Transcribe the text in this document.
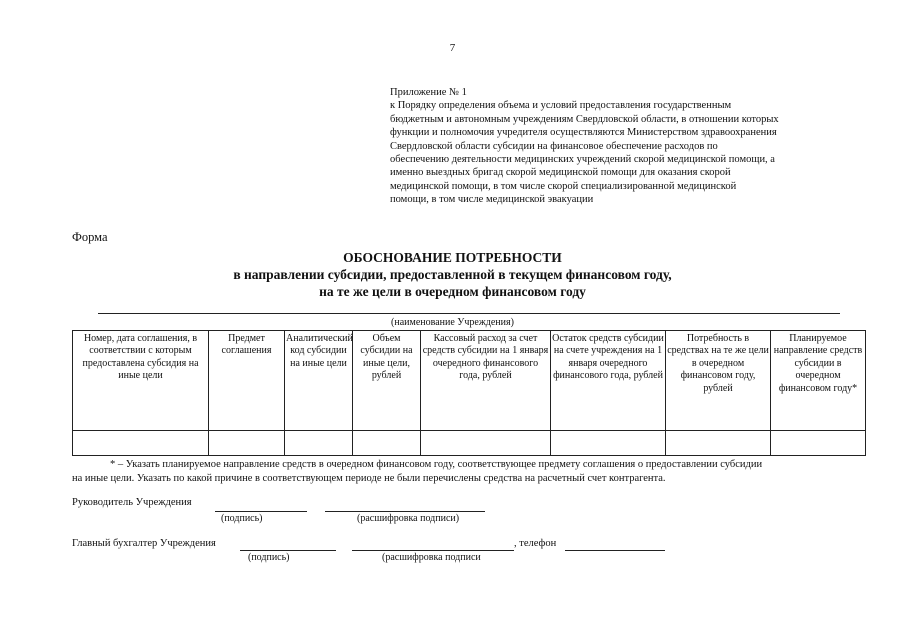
7
Приложение № 1
к Порядку определения объема и условий предоставления государственным
бюджетным и автономным учреждениям Свердловской области, в отношении которых
функции и полномочия учредителя осуществляются Министерством здравоохранения
Свердловской области субсидии на финансовое обеспечение расходов по
обеспечению деятельности медицинских учреждений скорой медицинской помощи, а
именно выездных бригад скорой медицинской помощи для оказания скорой
медицинской помощи, в том числе скорой специализированной медицинской
помощи, в том числе медицинской эвакуации
Форма
ОБОСНОВАНИЕ ПОТРЕБНОСТИ
в направлении субсидии, предоставленной в текущем финансовом году,
на те же цели в очередном финансовом году
(наименование Учреждения)
Номер, дата соглашения, в соответствии с которым предоставлена субсидия на иные цели	Предмет соглашения	Аналитический код субсидии на иные цели	Объем субсидии на иные цели, рублей	Кассовый расход за счет средств субсидии на 1 января очередного финансового года, рублей	Остаток средств субсидии на счете учреждения на 1 января очередного финансового года, рублей	Потребность в средствах на те же цели в очередном финансовом году, рублей	Планируемое направление средств субсидии в очередном финансовом году*

* – Указать планируемое направление средств в очередном финансовом году, соответствующее предмету соглашения о предоставлении субсидии
на иные цели. Указать по какой причине в соответствующем периоде не были перечислены средства на расчетный счет контрагента.
Руководитель Учреждения
(подпись)	(расшифровка подписи)
Главный бухгалтер Учреждения	, телефон
(подпись)	(расшифровка подписи
